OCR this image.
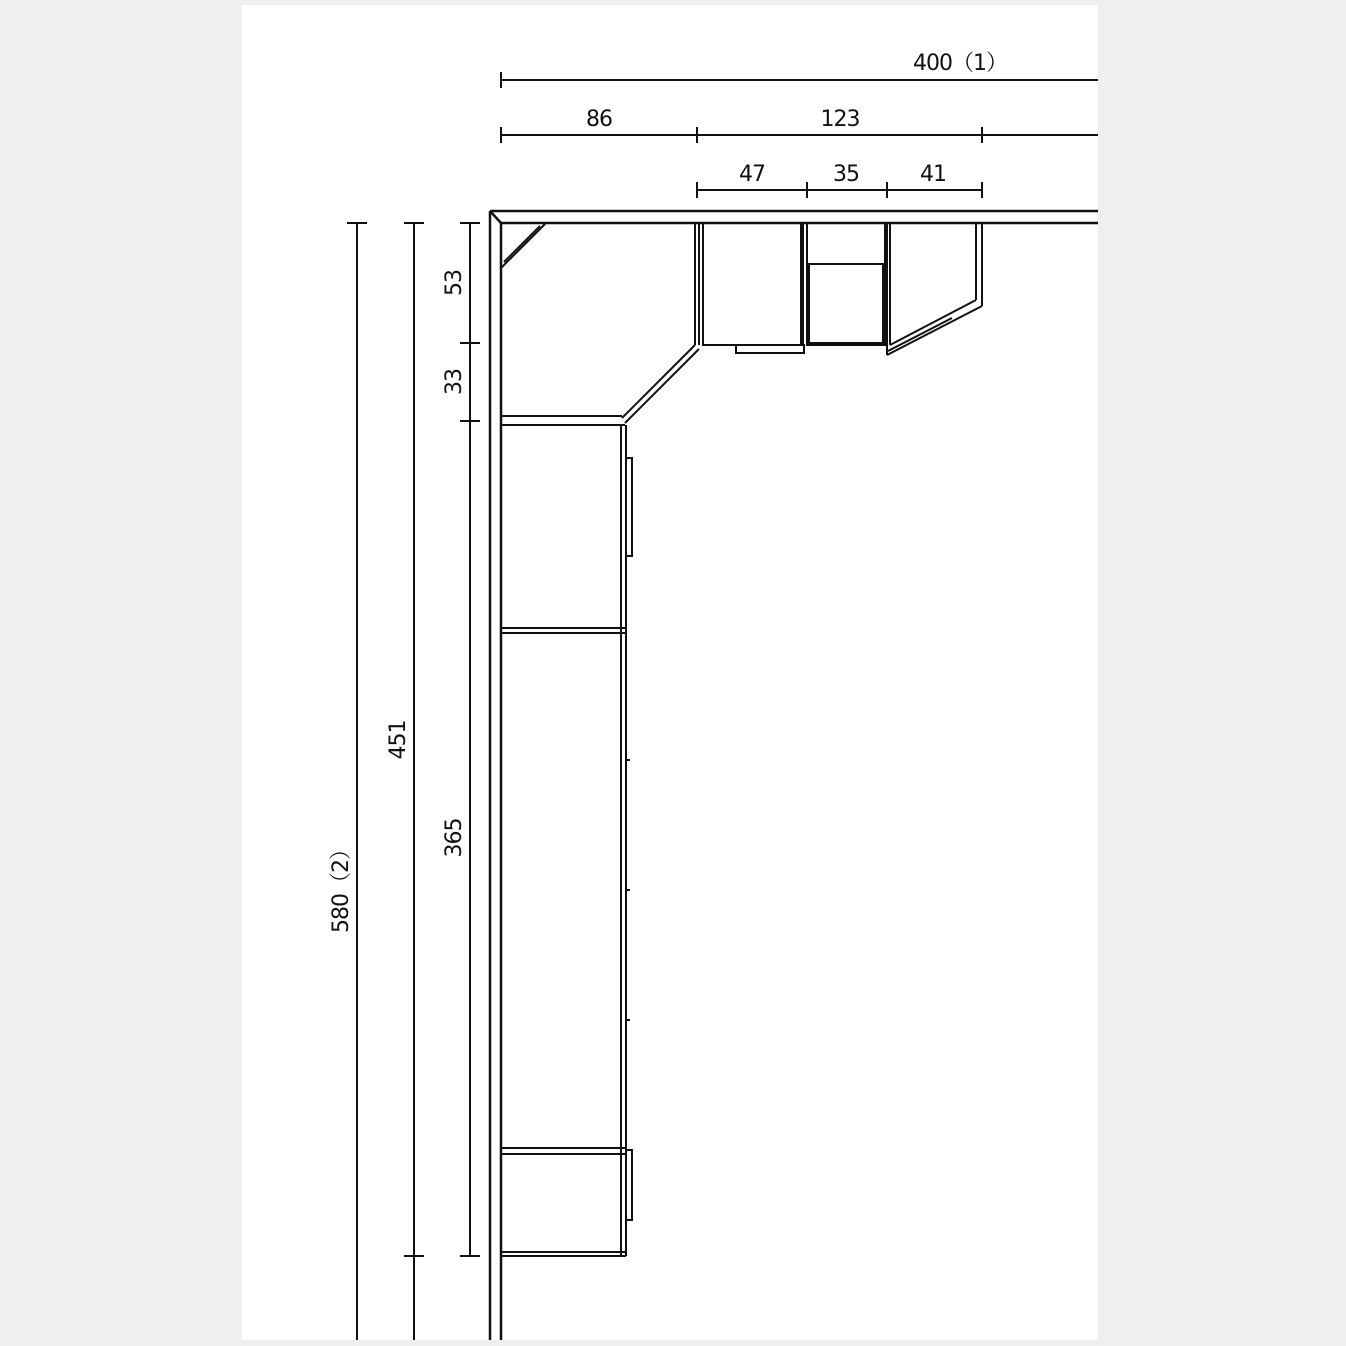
400（1）
86	123
47	35	41
580（2）
451
53
33
365
